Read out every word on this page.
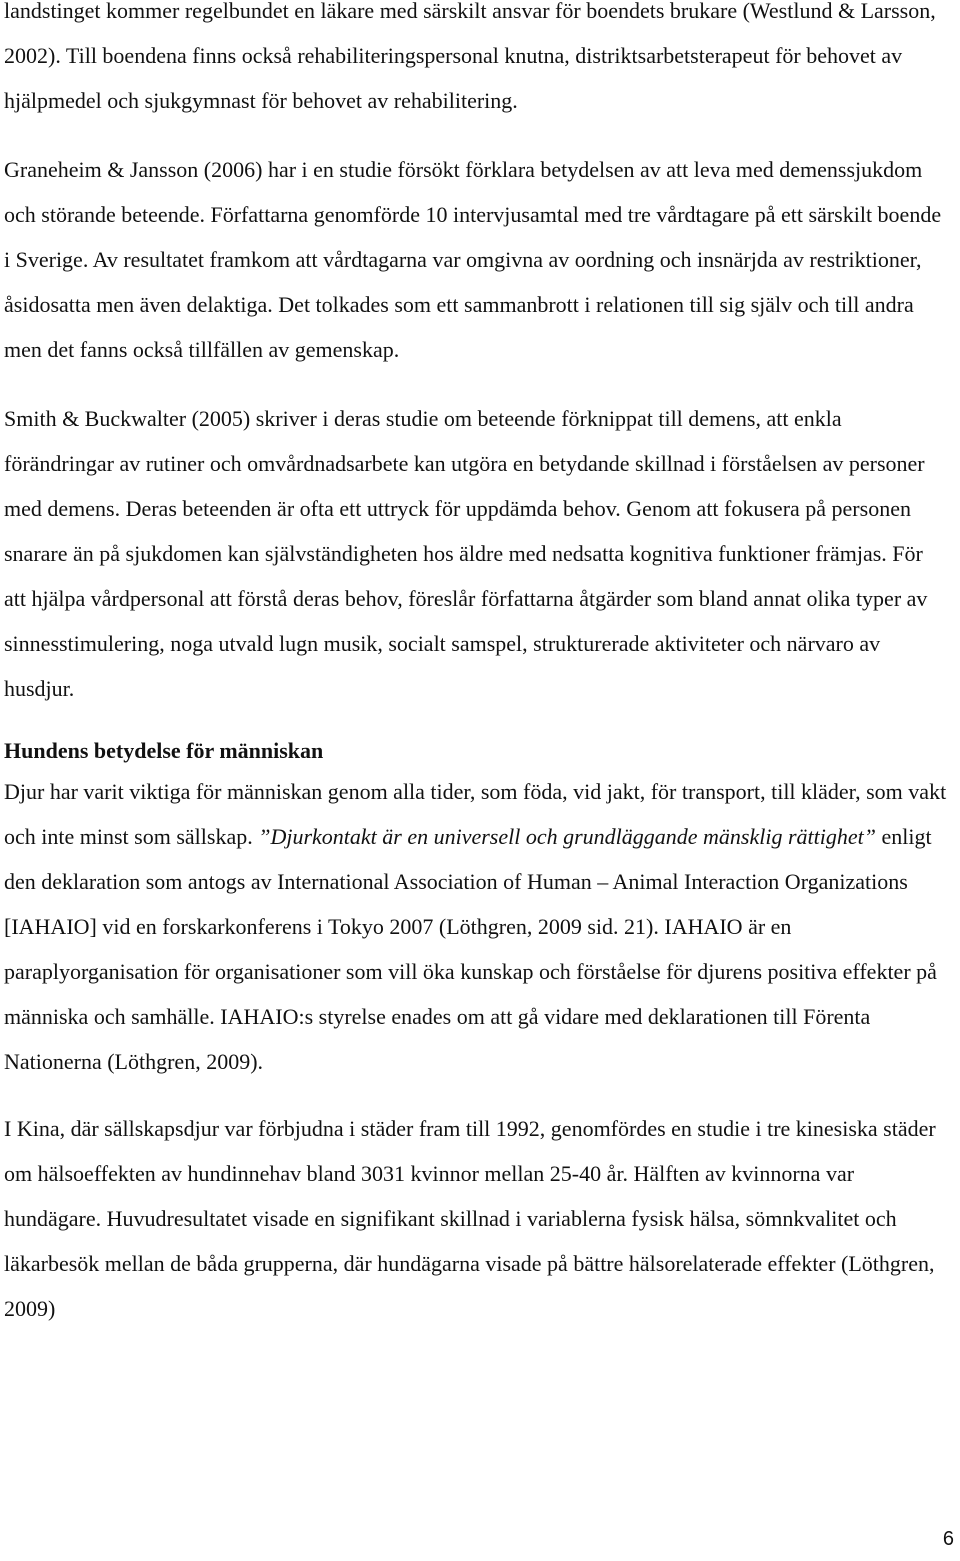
landstinget kommer regelbundet en läkare med särskilt ansvar för boendets brukare (Westlund & Larsson, 2002). Till boendena finns också rehabiliteringspersonal knutna, distriktsarbetsterapeut för behovet av hjälpmedel och sjukgymnast för behovet av rehabilitering.

Graneheim & Jansson (2006) har i en studie försökt förklara betydelsen av att leva med demenssjukdom och störande beteende. Författarna genomförde 10 intervjusamtal med tre vårdtagare på ett särskilt boende i Sverige. Av resultatet framkom att vårdtagarna var omgivna av oordning och insnärjda av restriktioner, åsidosatta men även delaktiga. Det tolkades som ett sammanbrott i relationen till sig själv och till andra men det fanns också tillfällen av gemenskap.

Smith & Buckwalter (2005) skriver i deras studie om beteende förknippat till demens, att enkla förändringar av rutiner och omvårdnadsarbete kan utgöra en betydande skillnad i förståelsen av personer med demens. Deras beteenden är ofta ett uttryck för uppdämda behov. Genom att fokusera på personen snarare än på sjukdomen kan självständigheten hos äldre med nedsatta kognitiva funktioner främjas. För att hjälpa vårdpersonal att förstå deras behov, föreslår författarna åtgärder som bland annat olika typer av sinnesstimulering, noga utvald lugn musik, socialt samspel, strukturerade aktiviteter och närvaro av husdjur.

Hundens betydelse för människan

Djur har varit viktiga för människan genom alla tider, som föda, vid jakt, för transport, till kläder, som vakt och inte minst som sällskap. ”Djurkontakt är en universell och grundläggande mänsklig rättighet” enligt den deklaration som antogs av International Association of Human – Animal Interaction Organizations [IAHAIO] vid en forskarkonferens i Tokyo 2007 (Löthgren, 2009 sid. 21). IAHAIO är en paraplyorganisation för organisationer som vill öka kunskap och förståelse för djurens positiva effekter på människa och samhälle. IAHAIO:s styrelse enades om att gå vidare med deklarationen till Förenta Nationerna (Löthgren, 2009).

I Kina, där sällskapsdjur var förbjudna i städer fram till 1992, genomfördes en studie i tre kinesiska städer om hälsoeffekten av hundinnehav bland 3031 kvinnor mellan 25-40 år. Hälften av kvinnorna var hundägare. Huvudresultatet visade en signifikant skillnad i variablerna fysisk hälsa, sömnkvalitet och läkarbesök mellan de båda grupperna, där hundägarna visade på bättre hälsorelaterade effekter (Löthgren, 2009)

6
